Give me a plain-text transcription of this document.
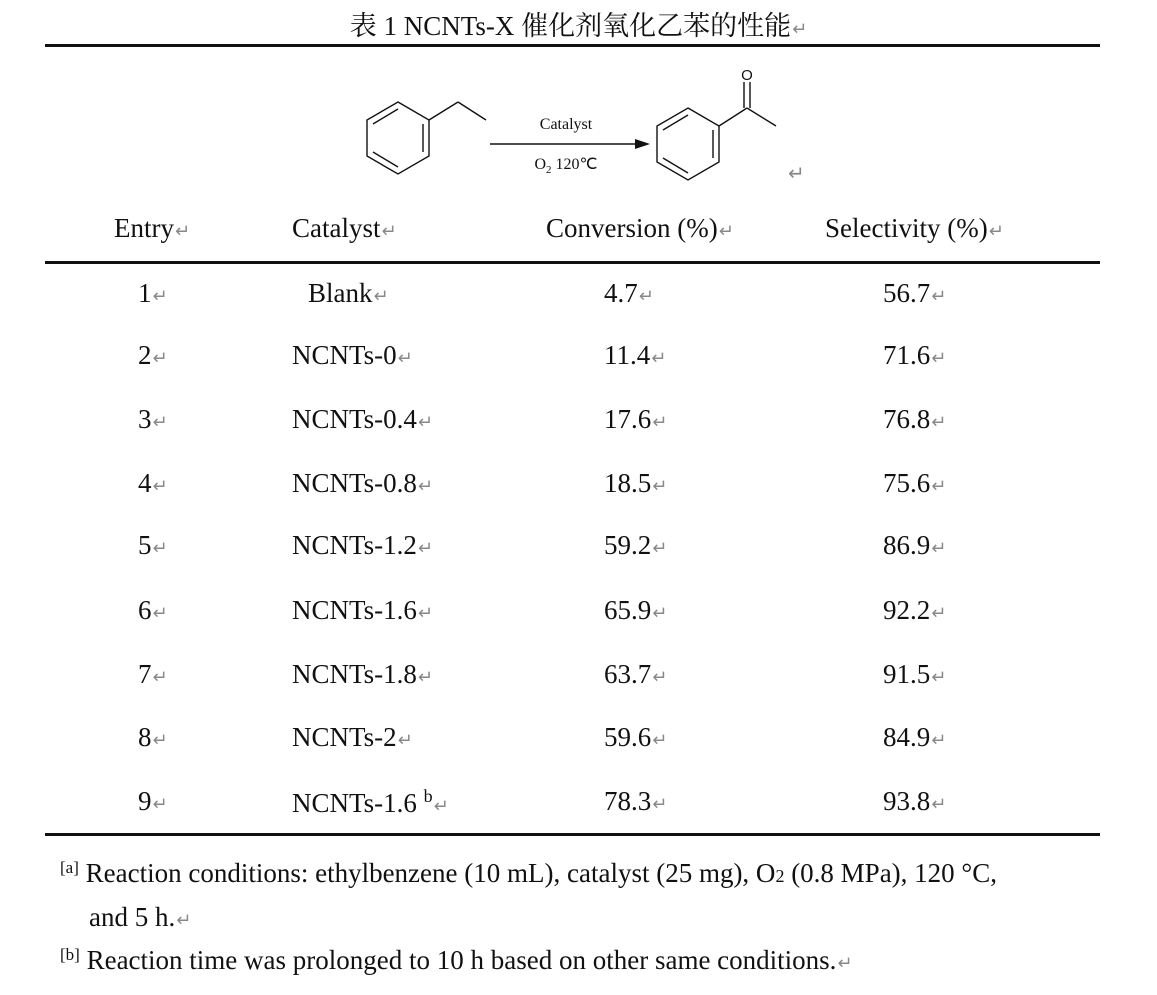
表 1 NCNTs-X 催化剂氧化乙苯的性能↵
Catalyst
$O_2$ 120℃
O
↵
Entry↵	Catalyst↵	Conversion (%)↵	Selectivity (%)↵
1↵	Blank↵	4.7↵	56.7↵
2↵	NCNTs-0↵	11.4↵	71.6↵
3↵	NCNTs-0.4↵	17.6↵	76.8↵
4↵	NCNTs-0.8↵	18.5↵	75.6↵
5↵	NCNTs-1.2↵	59.2↵	86.9↵
6↵	NCNTs-1.6↵	65.9↵	92.2↵
7↵	NCNTs-1.8↵	63.7↵	91.5↵
8↵	NCNTs-2↵	59.6↵	84.9↵
9↵	NCNTs-1.6 $^b$↵	78.3↵	93.8↵
[a] Reaction conditions: ethylbenzene (10 mL), catalyst (25 mg), O2 (0.8 MPa), 120 °C,
and 5 h.↵
[b] Reaction time was prolonged to 10 h based on other same conditions.↵
